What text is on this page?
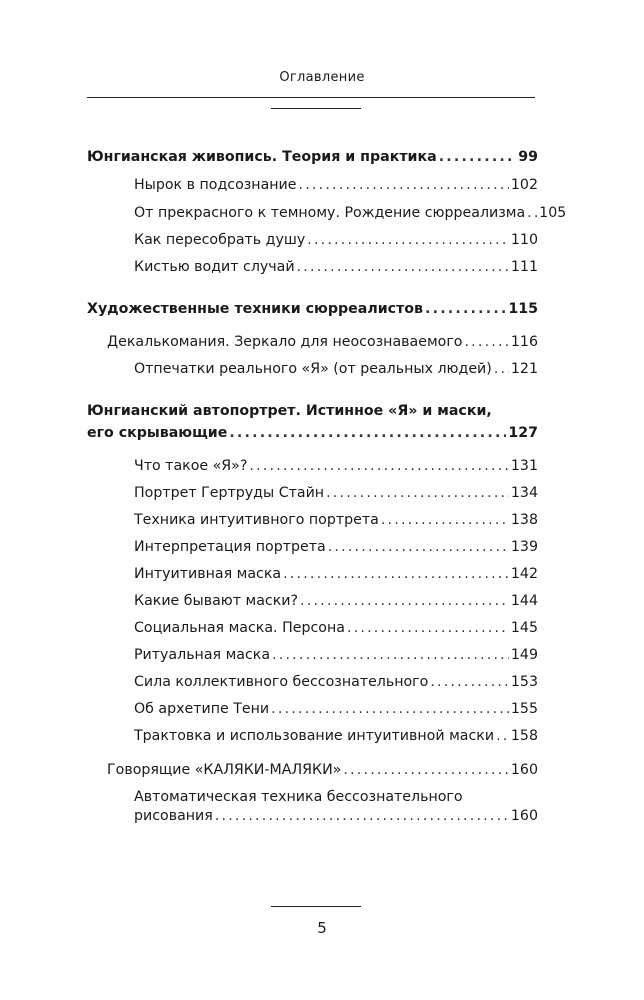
Оглавление
Юнгианская живопись. Теория и практика .....	99
Нырок в подсознание .....	102
От прекрасного к темному. Рождение сюрреализма ..... 105
Как пересобрать душу .....	110
Кистью водит случай .....	111
Художественные техники сюрреалистов .....	115
Декалькомания. Зеркало для неосознаваемого .....	116
Отпечатки реального «Я» (от реальных людей) ..... 121
Юнгианский автопортрет. Истинное «Я» и маски,
его скрывающие .....	127
Что такое «Я»? .....	131
Портрет Гертруды Стайн .....	134
Техника интуитивного портрета .....	138
Интерпретация портрета .....	139
Интуитивная маска .....	142
Какие бывают маски? .....	144
Социальная маска. Персона .....	145
Ритуальная маска .....	149
Сила коллективного бессознательного .....	153
Об архетипе Тени .....	155
Трактовка и использование интуитивной маски ..... 158
Говорящие «КАЛЯКИ-МАЛЯКИ» .....	160
Автоматическая техника бессознательного
рисования .....	160
5
